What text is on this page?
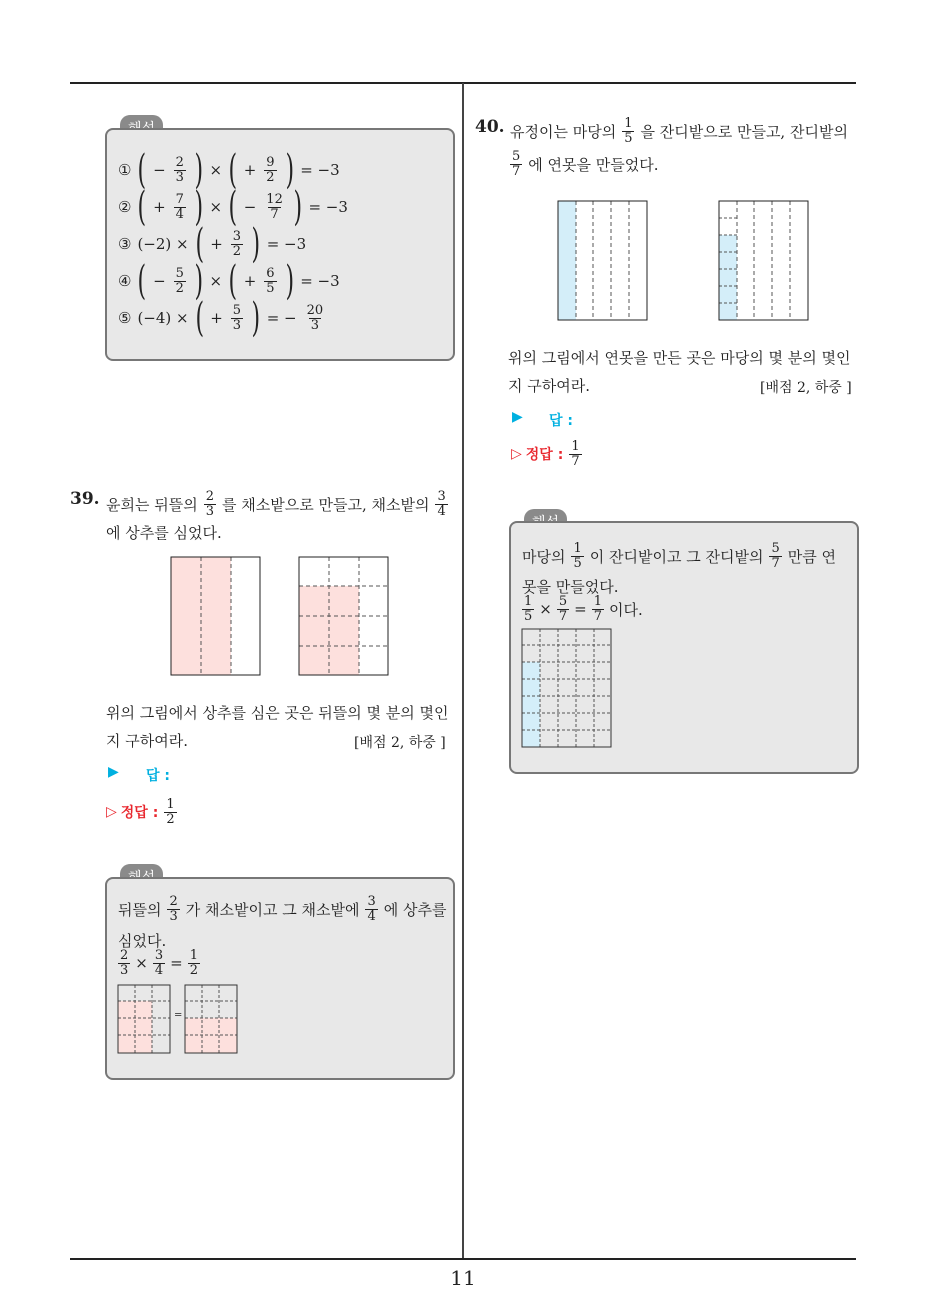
11
① ( − $\frac{2}{3}$ ) × ( + $\frac{9}{2}$ ) = −3
② ( + $\frac{7}{4}$ ) × ( − $\frac{12}{7}$ ) = −3
③ (−2) × ( + $\frac{3}{2}$ ) = −3
④ ( − $\frac{5}{2}$ ) × ( + $\frac{6}{5}$ ) = −3
⑤ (−4) × ( + $\frac{5}{3}$ ) = − $\frac{20}{3}$
39. 윤희는 뒤뜰의 $\frac{2}{3}$ 를 채소밭으로 만들고, 채소밭의 $\frac{3}{4}$
에 상추를 심었다.
위의 그림에서 상추를 심은 곳은 뒤뜰의 몇 분의 몇인
지 구하여라.	[배점 2, 하중 ]
▶ 답 :
▷ 정답 : $\frac{1}{2}$
뒤뜰의 $\frac{2}{3}$ 가 채소밭이고 그 채소밭에 $\frac{3}{4}$ 에 상추를
심었다.
$\frac{2}{3} \times \frac{3}{4} = \frac{1}{2}$
=
40. 유정이는 마당의 $\frac{1}{5}$ 을 잔디밭으로 만들고, 잔디밭의
$\frac{5}{7}$ 에 연못을 만들었다.
위의 그림에서 연못을 만든 곳은 마당의 몇 분의 몇인
지 구하여라.	[배점 2, 하중 ]
▶ 답 :
▷ 정답 : $\frac{1}{7}$
마당의 $\frac{1}{5}$ 이 잔디밭이고 그 잔디밭의 $\frac{5}{7}$ 만큼 연
못을 만들었다.
$\frac{1}{5} \times \frac{5}{7} = \frac{1}{7}$ 이다.
